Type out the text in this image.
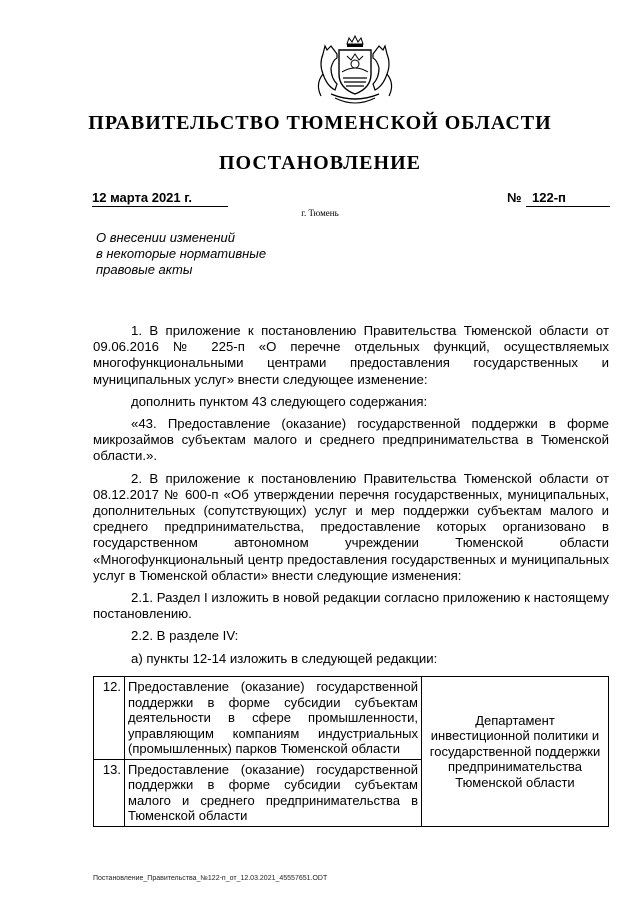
ПРАВИТЕЛЬСТВО ТЮМЕНСКОЙ ОБЛАСТИ
ПОСТАНОВЛЕНИЕ
12 марта 2021 г.	№ 122-п
г. Тюмень
О внесении изменений
в некоторые нормативные
правовые акты

1. В приложение к постановлению Правительства Тюменской области от 09.06.2016 № 225-п «О перечне отдельных функций, осуществляемых многофункциональными центрами предоставления государственных и муниципальных услуг» внести следующее изменение:

дополнить пунктом 43 следующего содержания:

«43. Предоставление (оказание) государственной поддержки в форме микрозаймов субъектам малого и среднего предпринимательства в Тюменской области.».

2. В приложение к постановлению Правительства Тюменской области от 08.12.2017 № 600-п «Об утверждении перечня государственных, муниципальных, дополнительных (сопутствующих) услуг и мер поддержки субъектам малого и среднего предпринимательства, предоставление которых организовано в государственном автономном учреждении Тюменской области «Многофункциональный центр предоставления государственных и муниципальных услуг в Тюменской области» внести следующие изменения:

2.1. Раздел I изложить в новой редакции согласно приложению к настоящему постановлению.

2.2. В разделе IV:

а) пункты 12-14 изложить в следующей редакции:

12.	Предоставление (оказание) государственной поддержки в форме субсидии субъектам деятельности в сфере промышленности, управляющим компаниям индустриальных (промышленных) парков Тюменской области	Департамент инвестиционной политики и государственной поддержки предпринимательства Тюменской области
13.	Предоставление (оказание) государственной поддержки в форме субсидии субъектам малого и среднего предпринимательства в Тюменской области	
Постановление_Правительства_№122-п_от_12.03.2021_45557651.ODT
